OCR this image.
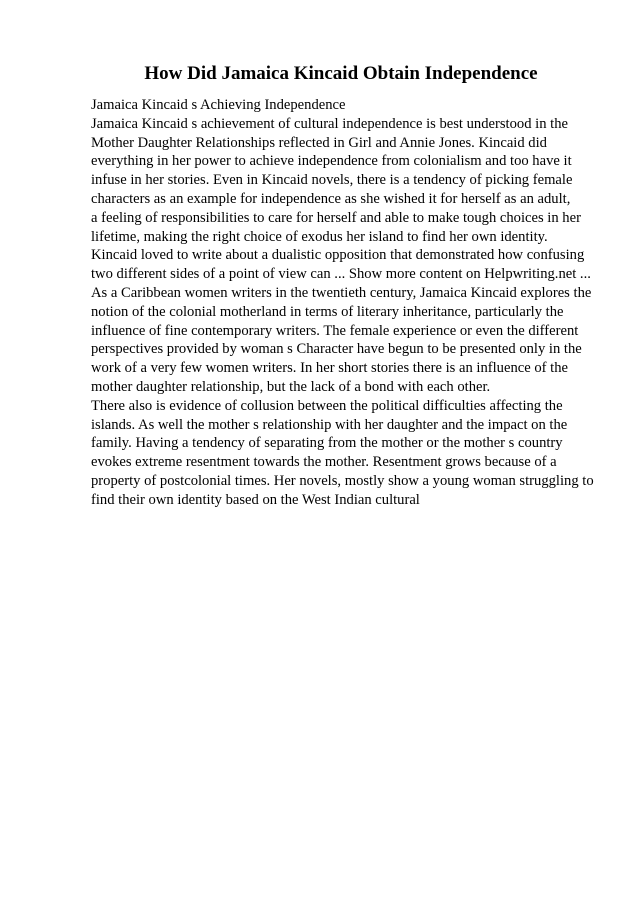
How Did Jamaica Kincaid Obtain Independence
Jamaica Kincaid s Achieving Independence
Jamaica Kincaid s achievement of cultural independence is best understood in the
Mother Daughter Relationships reflected in Girl and Annie Jones. Kincaid did
everything in her power to achieve independence from colonialism and too have it
infuse in her stories. Even in Kincaid novels, there is a tendency of picking female
characters as an example for independence as she wished it for herself as an adult,
a feeling of responsibilities to care for herself and able to make tough choices in her
lifetime, making the right choice of exodus her island to find her own identity.
Kincaid loved to write about a dualistic opposition that demonstrated how confusing
two different sides of a point of view can ... Show more content on Helpwriting.net ...
As a Caribbean women writers in the twentieth century, Jamaica Kincaid explores the
notion of the colonial motherland in terms of literary inheritance, particularly the
influence of fine contemporary writers. The female experience or even the different
perspectives provided by woman s Character have begun to be presented only in the
work of a very few women writers. In her short stories there is an influence of the
mother daughter relationship, but the lack of a bond with each other.
There also is evidence of collusion between the political difficulties affecting the
islands. As well the mother s relationship with her daughter and the impact on the
family. Having a tendency of separating from the mother or the mother s country
evokes extreme resentment towards the mother. Resentment grows because of a
property of postcolonial times. Her novels, mostly show a young woman struggling to
find their own identity based on the West Indian cultural
